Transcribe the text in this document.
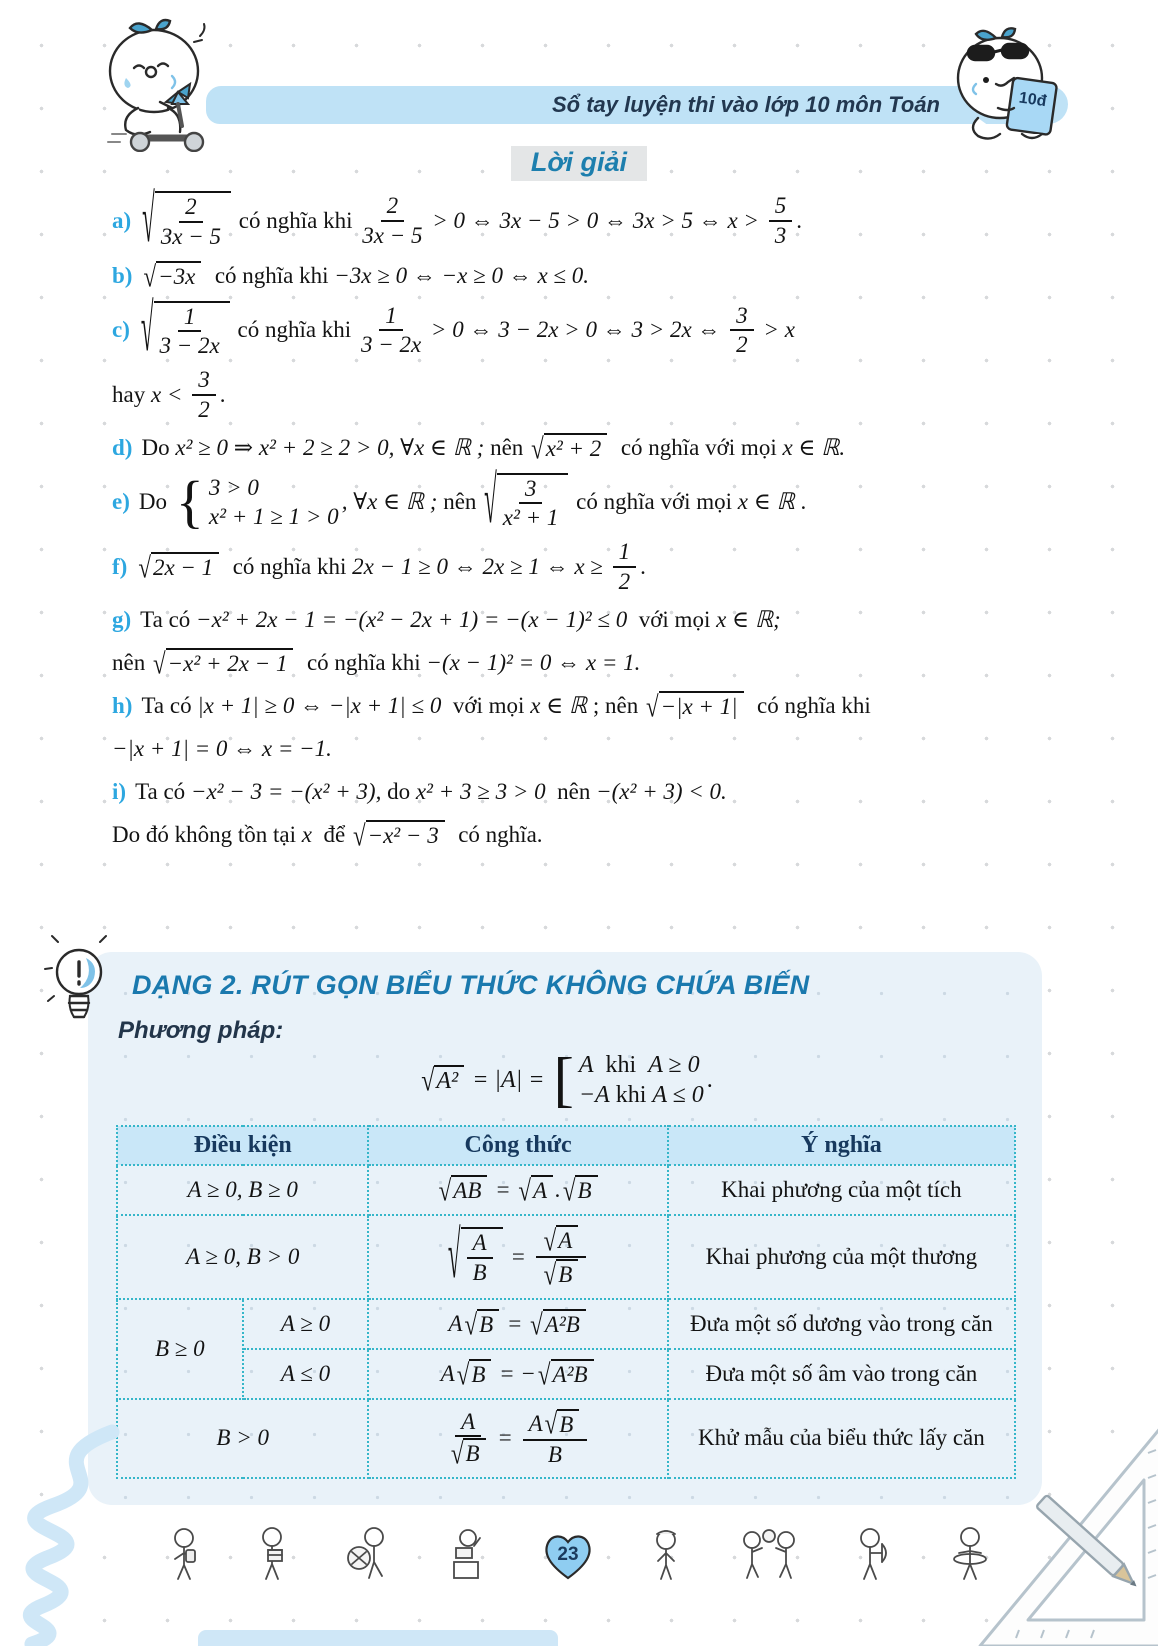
Sổ tay luyện thi vào lớp 10 môn Toán	10đ
Lời giải
a) √ $\frac{2}{3x - 5}$ có nghĩa khi $\frac{2}{3x - 5} > 0$ ⇔ 3x − 5 > 0 ⇔ 3x > 5 ⇔ $x > \frac{5}{3}$ .
b) √ −3x có nghĩa khi −3x ≥ 0 ⇔ −x ≥ 0 ⇔ x ≤ 0.
c) √ $\frac{1}{3 - 2x}$ có nghĩa khi $\frac{1}{3 - 2x} > 0$ ⇔ 3 − 2x > 0 ⇔ 3 > 2x ⇔ $\frac{3}{2} > x$
hay $x < \frac{3}{2}$ .
d) Do x² ≥ 0 ⇒ x² + 2 ≥ 2 > 0, ∀x ∈ ℝ ; nên √ x² + 2 có nghĩa với mọi x ∈ ℝ.
e) Do { 3 > 0
x² + 1 ≥ 1 > 0
, ∀x ∈ ℝ ; nên √ $\frac{3}{\text{x² + 1}}$ có nghĩa với mọi x ∈ ℝ .
f) √ 2x − 1 có nghĩa khi 2x − 1 ≥ 0 ⇔ 2x ≥ 1 ⇔ $x \ge \frac{1}{2}$ .
g) Ta có −x² + 2x − 1 = −(x² − 2x + 1) = −(x − 1)² ≤ 0 với mọi x ∈ ℝ;
nên √ −x² + 2x − 1 có nghĩa khi −(x − 1)² = 0 ⇔ x = 1.
h) Ta có |x + 1| ≥ 0 ⇔ −|x + 1| ≤ 0 với mọi x ∈ ℝ ; nên √ −|x + 1| có nghĩa khi
−|x + 1| = 0 ⇔ x = −1.
i) Ta có −x² − 3 = −(x² + 3), do x² + 3 ≥ 3 > 0 nên −(x² + 3) < 0.
Do đó không tồn tại x để √ −x² − 3 có nghĩa.
DẠNG 2. RÚT GỌN BIỂU THỨC KHÔNG CHỨA BIẾN
Phương pháp:
√ A² = |A| = [ A khi A ≥ 0
−A khi A ≤ 0
.
Điều kiện		Công thức	Ý nghĩa

A ≥ 0, B ≥ 0	√ AB = √ A . √ B	Khai phương của một tích

A ≥ 0, B > 0	√ $\frac{A}{B} = \frac{√ A}{√ B}$	Khai phương của một thương

B ≥ 0

A ≥ 0	A √ B = √ A²B	Đưa một số dương vào trong căn

A ≤ 0	A √ B = − √ A²B	Đưa một số âm vào trong căn

B > 0	$\frac{A}{√ B} = \frac{A √ B}{B}$	Khử mẫu của biểu thức lấy căn
23
